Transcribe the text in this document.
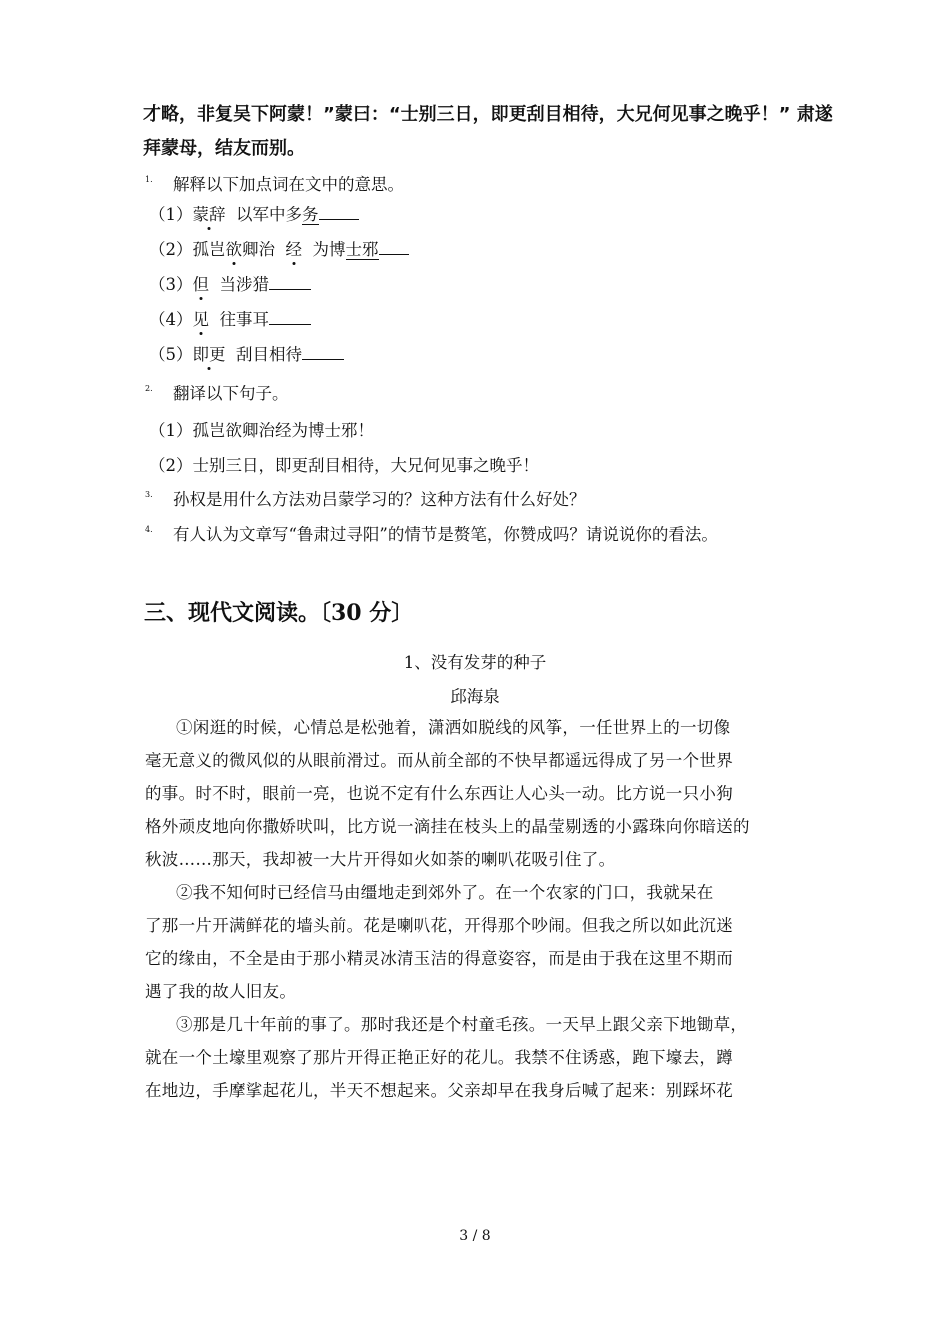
才略，非复吴下阿蒙！”蒙曰：“士别三日，即更刮目相待，大兄何见事之晚乎！” 肃遂
拜蒙母，结友而别。
1. 解释以下加点词在文中的意思。
（1）蒙辞 以军中多务
（2）孤岂欲卿治 经 为博士邪
（3）但 当涉猎
（4）见 往事耳
（5）即更 刮目相待
2. 翻译以下句子。
（1）孤岂欲卿治经为博士邪！
（2）士别三日，即更刮目相待，大兄何见事之晚乎！
3. 孙权是用什么方法劝吕蒙学习的？这种方法有什么好处？
4. 有人认为文章写“鲁肃过寻阳”的情节是赘笔，你赞成吗？请说说你的看法。
三、现代文阅读。〔30 分〕
1、没有发芽的种子
邱海泉
①闲逛的时候，心情总是松弛着，潇洒如脱线的风筝，一任世界上的一切像
毫无意义的微风似的从眼前滑过。而从前全部的不快早都遥远得成了另一个世界
的事。时不时，眼前一亮，也说不定有什么东西让人心头一动。比方说一只小狗
格外顽皮地向你撒娇吠叫，比方说一滴挂在枝头上的晶莹剔透的小露珠向你暗送的
秋波……那天，我却被一大片开得如火如荼的喇叭花吸引住了。
②我不知何时已经信马由缰地走到郊外了。在一个农家的门口，我就呆在
了那一片开满鲜花的墙头前。花是喇叭花，开得那个吵闹。但我之所以如此沉迷
它的缘由，不全是由于那小精灵冰清玉洁的得意姿容，而是由于我在这里不期而
遇了我的故人旧友。
③那是几十年前的事了。那时我还是个村童毛孩。一天早上跟父亲下地锄草，
就在一个土壕里观察了那片开得正艳正好的花儿。我禁不住诱惑，跑下壕去，蹲
在地边，手摩挲起花儿，半天不想起来。父亲却早在我身后喊了起来：别踩坏花
3 / 8
